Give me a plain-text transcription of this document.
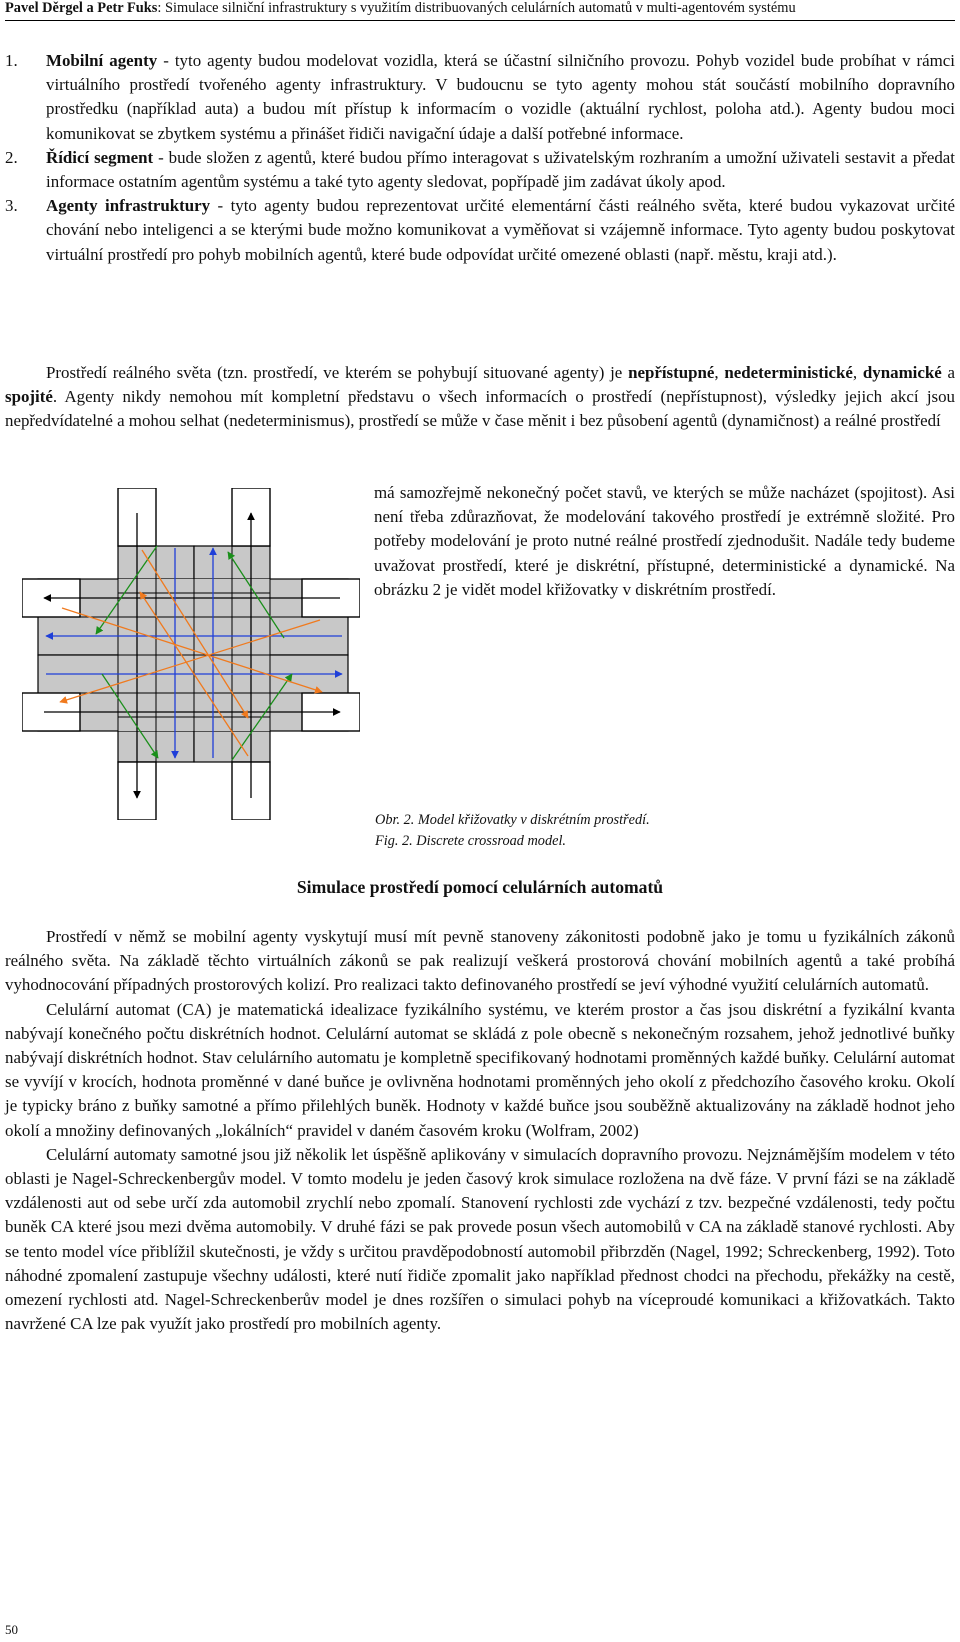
Pavel Děrgel a Petr Fuks: Simulace silniční infrastruktury s využitím distribuovaných celulárních automatů v multi-agentovém systému
1. Mobilní agenty - tyto agenty budou modelovat vozidla, která se účastní silničního provozu. Pohyb vozidel bude probíhat v rámci virtuálního prostředí tvořeného agenty infrastruktury. V budoucnu se tyto agenty mohou stát součástí mobilního dopravního prostředku (například auta) a budou mít přístup k informacím o vozidle (aktuální rychlost, poloha atd.). Agenty budou moci komunikovat se zbytkem systému a přinášet řidiči navigační údaje a další potřebné informace.
2. Řídicí segment - bude složen z agentů, které budou přímo interagovat s uživatelským rozhraním a umožní uživateli sestavit a předat informace ostatním agentům systému a také tyto agenty sledovat, popřípadě jim zadávat úkoly apod.
3. Agenty infrastruktury - tyto agenty budou reprezentovat určité elementární části reálného světa, které budou vykazovat určité chování nebo inteligenci a se kterými bude možno komunikovat a vyměňovat si vzájemně informace. Tyto agenty budou poskytovat virtuální prostředí pro pohyb mobilních agentů, které bude odpovídat určité omezené oblasti (např. městu, kraji atd.).

Prostředí reálného světa (tzn. prostředí, ve kterém se pohybují situované agenty) je nepřístupné, nedeterministické, dynamické a spojité. Agenty nikdy nemohou mít kompletní představu o všech informacích o prostředí (nepřístupnost), výsledky jejich akcí jsou nepředvídatelné a mohou selhat (nedeterminismus), prostředí se může v čase měnit i bez působení agentů (dynamičnost) a reálné prostředí

má samozřejmě nekonečný počet stavů, ve kterých se může nacházet (spojitost). Asi není třeba zdůrazňovat, že modelování takového prostředí je extrémně složité. Pro potřeby modelování je proto nutné reálné prostředí zjednodušit. Nadále tedy budeme uvažovat prostředí, které je diskrétní, přístupné, deterministické a dynamické. Na obrázku 2 je vidět model křižovatky v diskrétním prostředí.

Obr. 2. Model křižovatky v diskrétním prostředí.
Fig. 2. Discrete crossroad model.
Simulace prostředí pomocí celulárních automatů

Prostředí v němž se mobilní agenty vyskytují musí mít pevně stanoveny zákonitosti podobně jako je tomu u fyzikálních zákonů reálného světa. Na základě těchto virtuálních zákonů se pak realizují veškerá prostorová chování mobilních agentů a také probíhá vyhodnocování případných prostorových kolizí. Pro realizaci takto definovaného prostředí se jeví výhodné využití celulárních automatů.

Celulární automat (CA) je matematická idealizace fyzikálního systému, ve kterém prostor a čas jsou diskrétní a fyzikální kvanta nabývají konečného počtu diskrétních hodnot. Celulární automat se skládá z pole obecně s nekonečným rozsahem, jehož jednotlivé buňky nabývají diskrétních hodnot. Stav celulárního automatu je kompletně specifikovaný hodnotami proměnných každé buňky. Celulární automat se vyvíjí v krocích, hodnota proměnné v dané buňce je ovlivněna hodnotami proměnných jeho okolí z předchozího časového kroku. Okolí je typicky bráno z buňky samotné a přímo přilehlých buněk. Hodnoty v každé buňce jsou souběžně aktualizovány na základě hodnot jeho okolí a množiny definovaných „lokálních“ pravidel v daném časovém kroku (Wolfram, 2002)

Celulární automaty samotné jsou již několik let úspěšně aplikovány v simulacích dopravního provozu. Nejznámějším modelem v této oblasti je Nagel-Schreckenbergův model. V tomto modelu je jeden časový krok simulace rozložena na dvě fáze. V první fázi se na základě vzdálenosti aut od sebe určí zda automobil zrychlí nebo zpomalí. Stanovení rychlosti zde vychází z tzv. bezpečné vzdálenosti, tedy počtu buněk CA které jsou mezi dvěma automobily. V druhé fázi se pak provede posun všech automobilů v CA na základě stanové rychlosti. Aby se tento model více přiblížil skutečnosti, je vždy s určitou pravděpodobností automobil přibrzděn (Nagel, 1992; Schreckenberg, 1992). Toto náhodné zpomalení zastupuje všechny události, které nutí řidiče zpomalit jako například přednost chodci na přechodu, překážky na cestě, omezení rychlosti atd. Nagel-Schreckenberův model je dnes rozšířen o simulaci pohyb na víceproudé komunikaci a křižovatkách. Takto navržené CA lze pak využít jako prostředí pro mobilních agenty.

50
